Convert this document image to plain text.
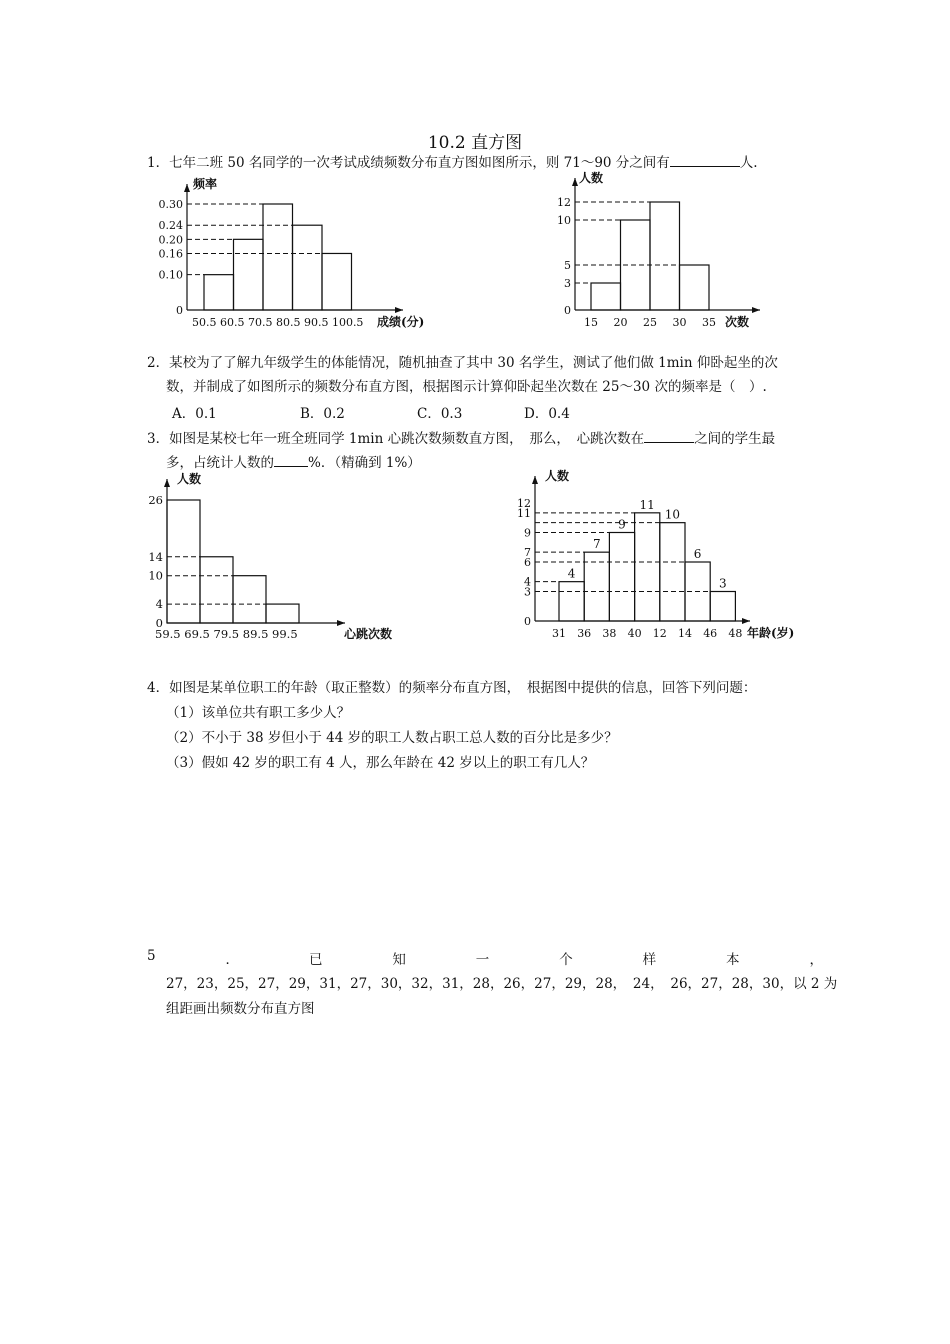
10.2 直方图
1．七年二班 50 名同学的一次考试成绩频数分布直方图如图所示，则 71～90 分之间有	人.
频率
成绩(分)
0.30
0.24
0.20
0.16
0.10
0
50.5 60.5 70.5 80.5 90.5 100.5
人数
次数
12
10
5
3
0
15 20 25 30 35
2．某校为了了解九年级学生的体能情况，随机抽查了其中 30 名学生，测试了他们做 1min 仰卧起坐的次
数，并制成了如图所示的频数分布直方图，根据图示计算仰卧起坐次数在 25～30 次的频率是（　）.
A．0.1	B．0.2	C．0.3	D．0.4
3．如图是某校七年一班全班同学 1min 心跳次数频数直方图，　那么，　心跳次数在	之间的学生最
多，占统计人数的	%．（精确到 1%）
人数
心跳次数
26
14
10
4
0
59.5 69.5 79.5 89.5 99.5
人数
年龄(岁)
4
7
9
11
10
6
3
12
11
9
7
6
4
3
0
31 36 38 40 12 14 46 48
4．如图是某单位职工的年龄（取正整数）的频率分布直方图，　根据图中提供的信息，回答下列问题：
（1）该单位共有职工多少人？
（2）不小于 38 岁但小于 44 岁的职工人数占职工总人数的百分比是多少？
（3）假如 42 岁的职工有 4 人，那么年龄在 42 岁以上的职工有几人？
5	．	已	知	一	个	样	本	，
27，23，25，27，29，31，27，30，32，31，28，26，27，29，28，　24，　26，27，28，30，以 2 为
组距画出频数分布直方图
